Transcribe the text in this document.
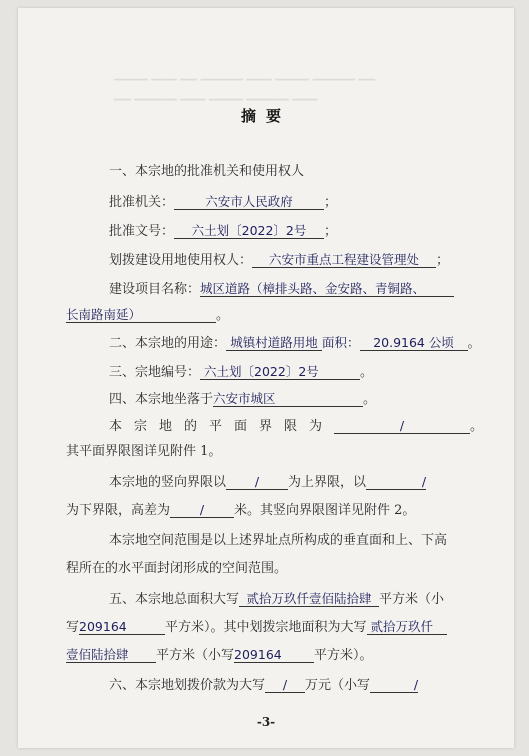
▔▔▔▔ ▔▔▔ ▔▔ ▔▔▔▔▔ ▔▔▔ ▔▔▔▔ ▔▔▔▔▔ ▔▔
▔▔ ▔▔▔▔▔ ▔▔▔ ▔▔▔▔ ▔▔▔▔▔ ▔▔▔
摘要
一、本宗地的批准机关和使用权人
批准机关： 六安市人民政府 ；
批准文号： 六土划〔2022〕2号 ；
划拨建设用地使用权人： 六安市重点工程建设管理处 ；
建设项目名称：城区道路（樟排头路、金安路、青铜路、
长南路南延）	。
二、本宗地的用途： 城镇村道路用地 面积： 20.9164 公顷 。
三、宗地编号： 六土划〔2022〕2号	。
四、本宗地坐落于六安市城区	。
本宗地的平面界限为	/	。
其平面界限图详见附件 1。
本宗地的竖向界限以 / 为上界限，以	/
为下界限，高差为 / 米。其竖向界限图详见附件 2。
本宗地空间范围是以上述界址点所构成的垂直面和上、下高
程所在的水平面封闭形成的空间范围。
五、本宗地总面积大写 贰拾万玖仟壹佰陆拾肆 平方米（小
写209164	平方米）。其中划拨宗地面积为大写 贰拾万玖仟
壹佰陆拾肆 平方米（小写209164 平方米）。
六、本宗地划拨价款为大写 / 万元（小写	/
-3-
